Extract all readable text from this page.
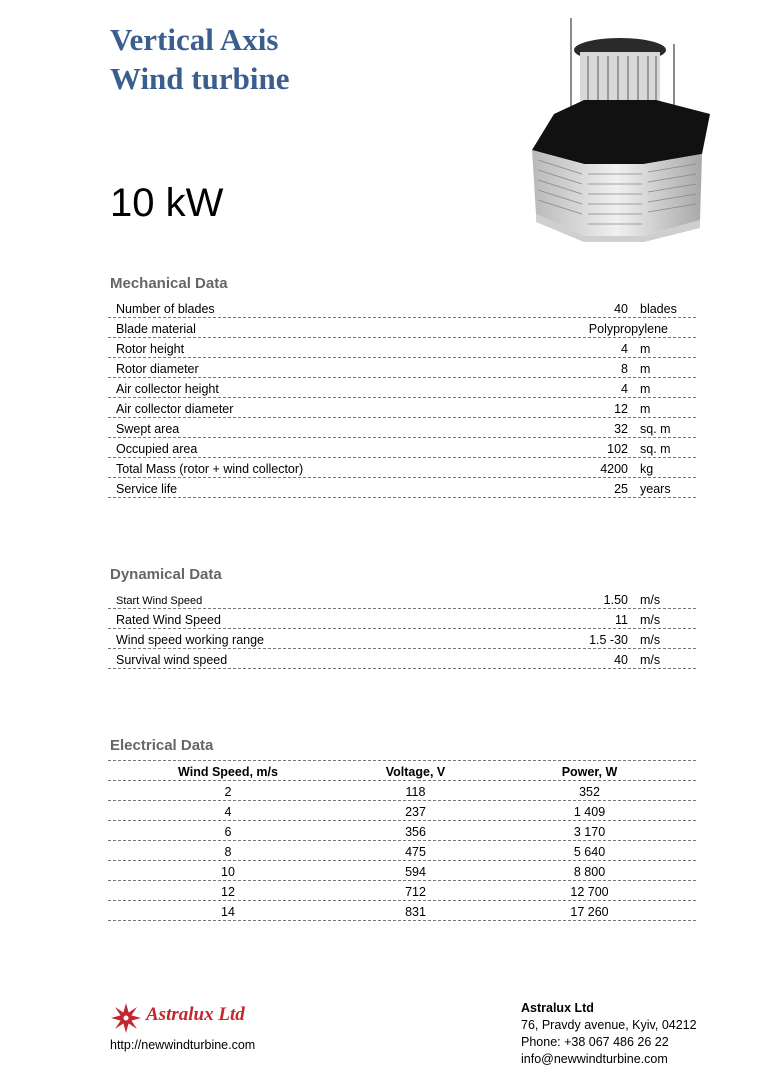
Vertical Axis
Wind turbine
10 kW
Mechanical Data
Number of blades	40 blades
Blade material	Polypropylene
Rotor height	4 m
Rotor diameter	8 m
Air collector height	4 m
Air collector diameter	12 m
Swept area	32 sq. m
Occupied area	102 sq. m
Total Mass (rotor + wind collector)	4200 kg
Service life	25 years
Dynamical Data
Start Wind Speed	1.50 m/s
Rated Wind Speed	11 m/s
Wind speed working range	1.5 -30 m/s
Survival wind speed	40 m/s
Electrical Data
Wind Speed, m/s	Voltage, V	Power, W
2	118	352
4	237	1 409
6	356	3 170
8	475	5 640
10	594	8 800
12	712	12 700
14	831	17 260
Astralux Ltd
http://newwindturbine.com
Astralux Ltd
76, Pravdy avenue, Kyiv, 04212
Phone: +38 067 486 26 22
info@newwindturbine.com
